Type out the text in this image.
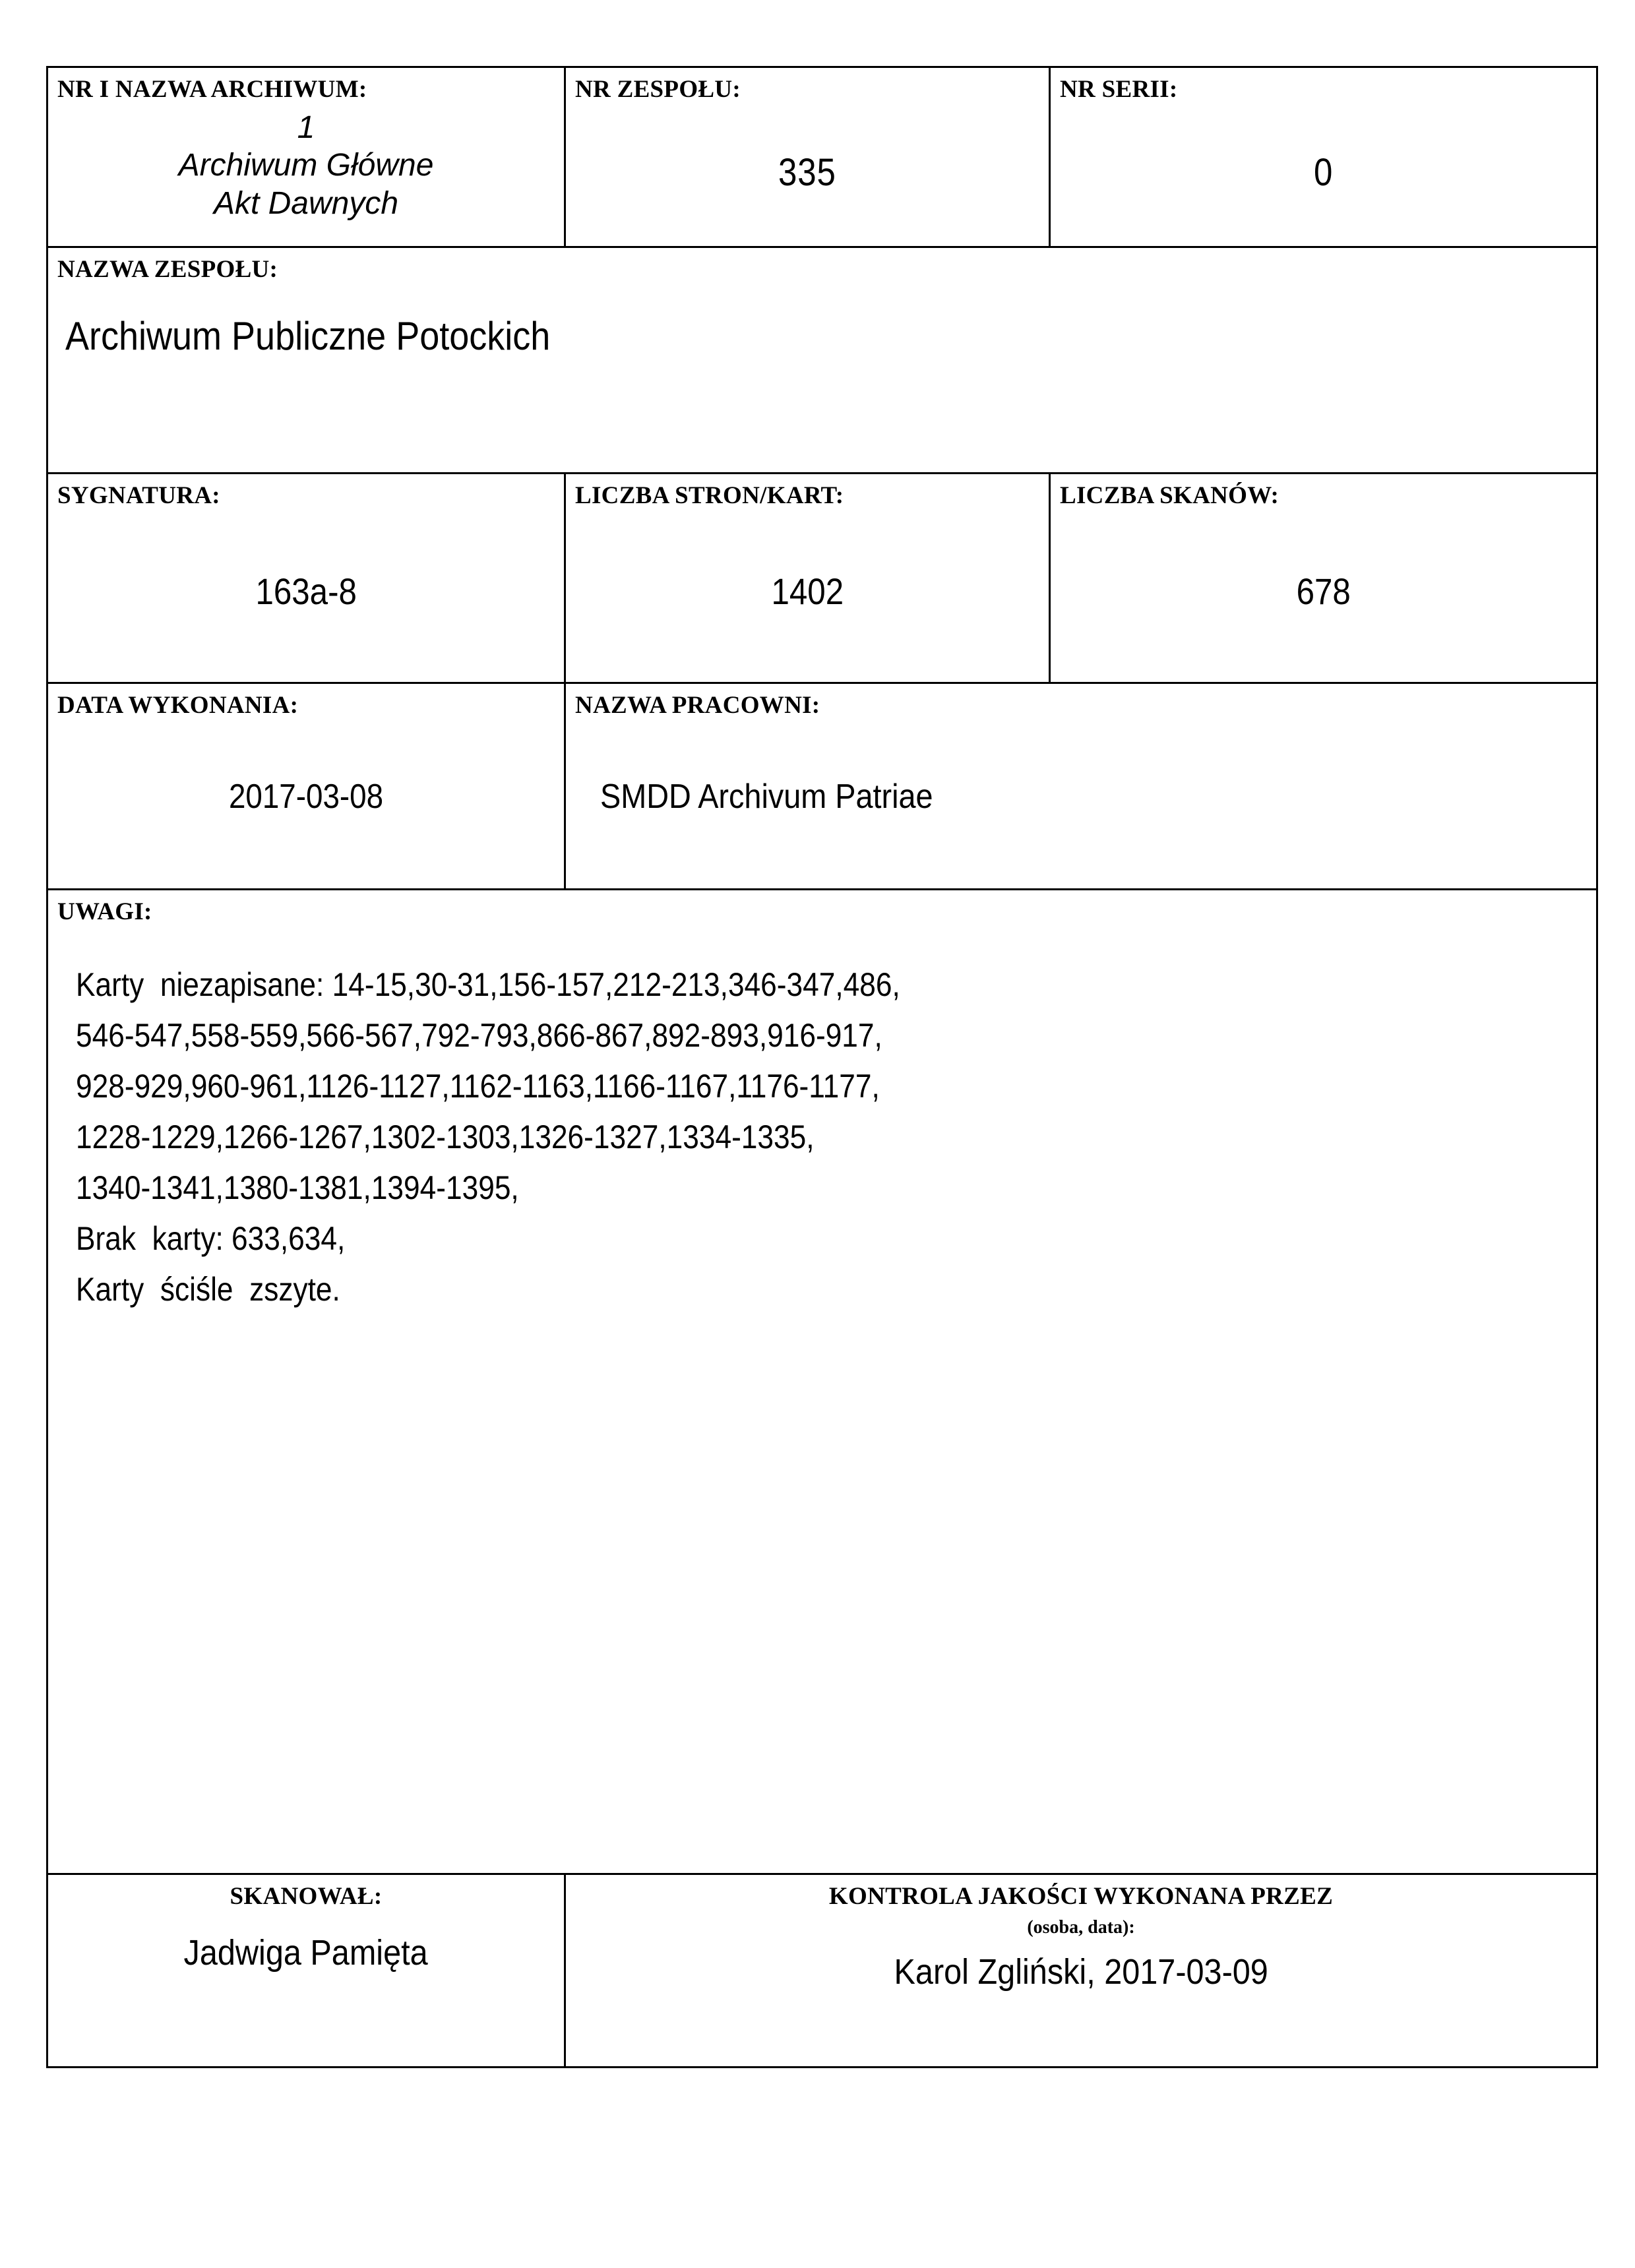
NR I NAZWA ARCHIWUM:
1
Archiwum Główne
Akt Dawnych

NR ZESPOŁU:
335

NR SERII:
0

NAZWA ZESPOŁU:
Archiwum Publiczne Potockich		

SYGNATURA:
163a-8

LICZBA STRON/KART:
1402

LICZBA SKANÓW:
678

DATA WYKONANIA:
2017-03-08

NAZWA PRACOWNI:
SMDD Archivum Patriae

UWAGI:
Karty  niezapisane: 14-15,30-31,156-157,212-213,346-347,486,
546-547,558-559,566-567,792-793,866-867,892-893,916-917,
928-929,960-961,1126-1127,1162-1163,1166-1167,1176-1177,
1228-1229,1266-1267,1302-1303,1326-1327,1334-1335,
1340-1341,1380-1381,1394-1395,
Brak  karty: 633,634,
Karty  ściśle  zszyte.

SKANOWAŁ:
Jadwiga Pamięta

KONTROLA JAKOŚCI WYKONANA PRZEZ
(osoba, data):
Karol Zgliński, 2017-03-09
